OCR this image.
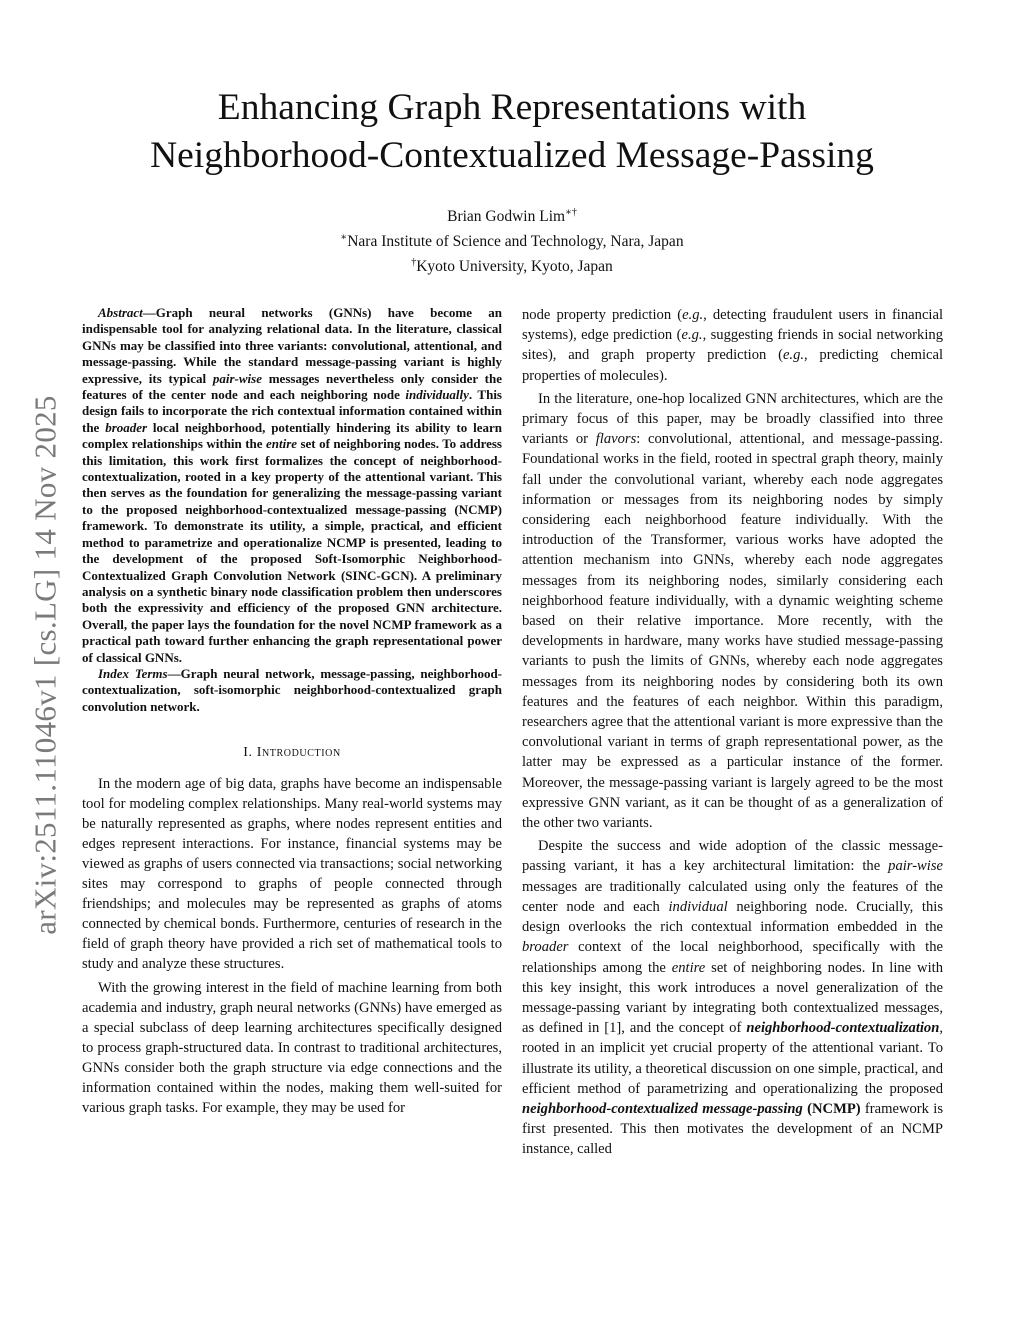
arXiv:2511.11046v1 [cs.LG] 14 Nov 2025
Enhancing Graph Representations with
Neighborhood-Contextualized Message-Passing
Brian Godwin Lim∗†
∗Nara Institute of Science and Technology, Nara, Japan
†Kyoto University, Kyoto, Japan

Abstract—Graph neural networks (GNNs) have become an indispensable tool for analyzing relational data. In the literature, classical GNNs may be classified into three variants: convolutional, attentional, and message-passing. While the standard message-passing variant is highly expressive, its typical pair-wise messages nevertheless only consider the features of the center node and each neighboring node individually. This design fails to incorporate the rich contextual information contained within the broader local neighborhood, potentially hindering its ability to learn complex relationships within the entire set of neighboring nodes. To address this limitation, this work first formalizes the concept of neighborhood-contextualization, rooted in a key property of the attentional variant. This then serves as the foundation for generalizing the message-passing variant to the proposed neighborhood-contextualized message-passing (NCMP) framework. To demonstrate its utility, a simple, practical, and efficient method to parametrize and operationalize NCMP is presented, leading to the development of the proposed Soft-Isomorphic Neighborhood-Contextualized Graph Convolution Network (SINC-GCN). A preliminary analysis on a synthetic binary node classification problem then underscores both the expressivity and efficiency of the proposed GNN architecture. Overall, the paper lays the foundation for the novel NCMP framework as a practical path toward further enhancing the graph representational power of classical GNNs.

Index Terms—Graph neural network, message-passing, neighborhood-contextualization, soft-isomorphic neighborhood-contextualized graph convolution network.

I. Introduction

In the modern age of big data, graphs have become an indispensable tool for modeling complex relationships. Many real-world systems may be naturally represented as graphs, where nodes represent entities and edges represent interactions. For instance, financial systems may be viewed as graphs of users connected via transactions; social networking sites may correspond to graphs of people connected through friendships; and molecules may be represented as graphs of atoms connected by chemical bonds. Furthermore, centuries of research in the field of graph theory have provided a rich set of mathematical tools to study and analyze these structures.

With the growing interest in the field of machine learning from both academia and industry, graph neural networks (GNNs) have emerged as a special subclass of deep learning architectures specifically designed to process graph-structured data. In contrast to traditional architectures, GNNs consider both the graph structure via edge connections and the information contained within the nodes, making them well-suited for various graph tasks. For example, they may be used for

node property prediction (e.g., detecting fraudulent users in financial systems), edge prediction (e.g., suggesting friends in social networking sites), and graph property prediction (e.g., predicting chemical properties of molecules).

In the literature, one-hop localized GNN architectures, which are the primary focus of this paper, may be broadly classified into three variants or flavors: convolutional, attentional, and message-passing. Foundational works in the field, rooted in spectral graph theory, mainly fall under the convolutional variant, whereby each node aggregates information or messages from its neighboring nodes by simply considering each neighborhood feature individually. With the introduction of the Transformer, various works have adopted the attention mechanism into GNNs, whereby each node aggregates messages from its neighboring nodes, similarly considering each neighborhood feature individually, with a dynamic weighting scheme based on their relative importance. More recently, with the developments in hardware, many works have studied message-passing variants to push the limits of GNNs, whereby each node aggregates messages from its neighboring nodes by considering both its own features and the features of each neighbor. Within this paradigm, researchers agree that the attentional variant is more expressive than the convolutional variant in terms of graph representational power, as the latter may be expressed as a particular instance of the former. Moreover, the message-passing variant is largely agreed to be the most expressive GNN variant, as it can be thought of as a generalization of the other two variants.

Despite the success and wide adoption of the classic message-passing variant, it has a key architectural limitation: the pair-wise messages are traditionally calculated using only the features of the center node and each individual neighboring node. Crucially, this design overlooks the rich contextual information embedded in the broader context of the local neighborhood, specifically with the relationships among the entire set of neighboring nodes. In line with this key insight, this work introduces a novel generalization of the message-passing variant by integrating both contextualized messages, as defined in [1], and the concept of neighborhood-contextualization, rooted in an implicit yet crucial property of the attentional variant. To illustrate its utility, a theoretical discussion on one simple, practical, and efficient method of parametrizing and operationalizing the proposed neighborhood-contextualized message-passing (NCMP) framework is first presented. This then motivates the development of an NCMP instance, called
